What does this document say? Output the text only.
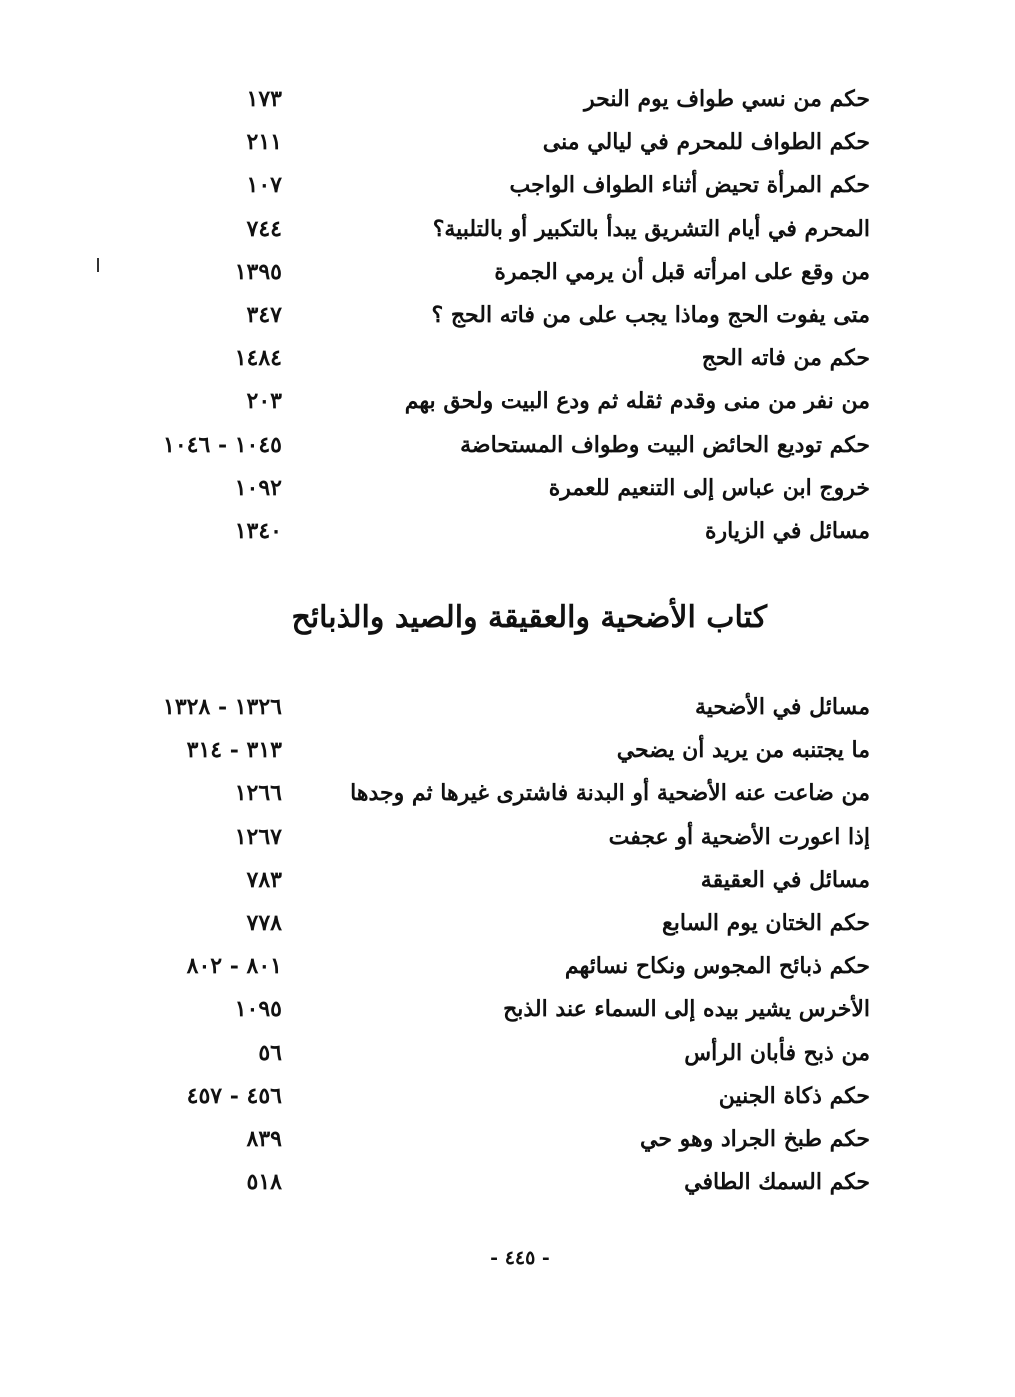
حكم من نسي طواف يوم النحر
١٧٣
حكم الطواف للمحرم في ليالي منى
٢١١
حكم المرأة تحيض أثناء الطواف الواجب
١٠٧
المحرم في أيام التشريق يبدأ بالتكبير أو بالتلبية؟
٧٤٤
من وقع على امرأته قبل أن يرمي الجمرة
١٣٩٥
متى يفوت الحج وماذا يجب على من فاته الحج ؟
٣٤٧
حكم من فاته الحج
١٤٨٤
من نفر من منى وقدم ثقله ثم ودع البيت ولحق بهم
٢٠٣
حكم توديع الحائض البيت وطواف المستحاضة
١٠٤٥ - ١٠٤٦
خروج ابن عباس إلى التنعيم للعمرة
١٠٩٢
مسائل في الزيارة
١٣٤٠
كتاب الأضحية والعقيقة والصيد والذبائح
مسائل في الأضحية
١٣٢٦ - ١٣٢٨
ما يجتنبه من يريد أن يضحي
٣١٣ - ٣١٤
من ضاعت عنه الأضحية أو البدنة فاشترى غيرها ثم وجدها
١٢٦٦
إذا اعورت الأضحية أو عجفت
١٢٦٧
مسائل في العقيقة
٧٨٣
حكم الختان يوم السابع
٧٧٨
حكم ذبائح المجوس ونكاح نسائهم
٨٠١ - ٨٠٢
الأخرس يشير بيده إلى السماء عند الذبح
١٠٩٥
من ذبح فأبان الرأس
٥٦
حكم ذكاة الجنين
٤٥٦ - ٤٥٧
حكم طبخ الجراد وهو حي
٨٣٩
حكم السمك الطافي
٥١٨
- ٤٤٥ -
